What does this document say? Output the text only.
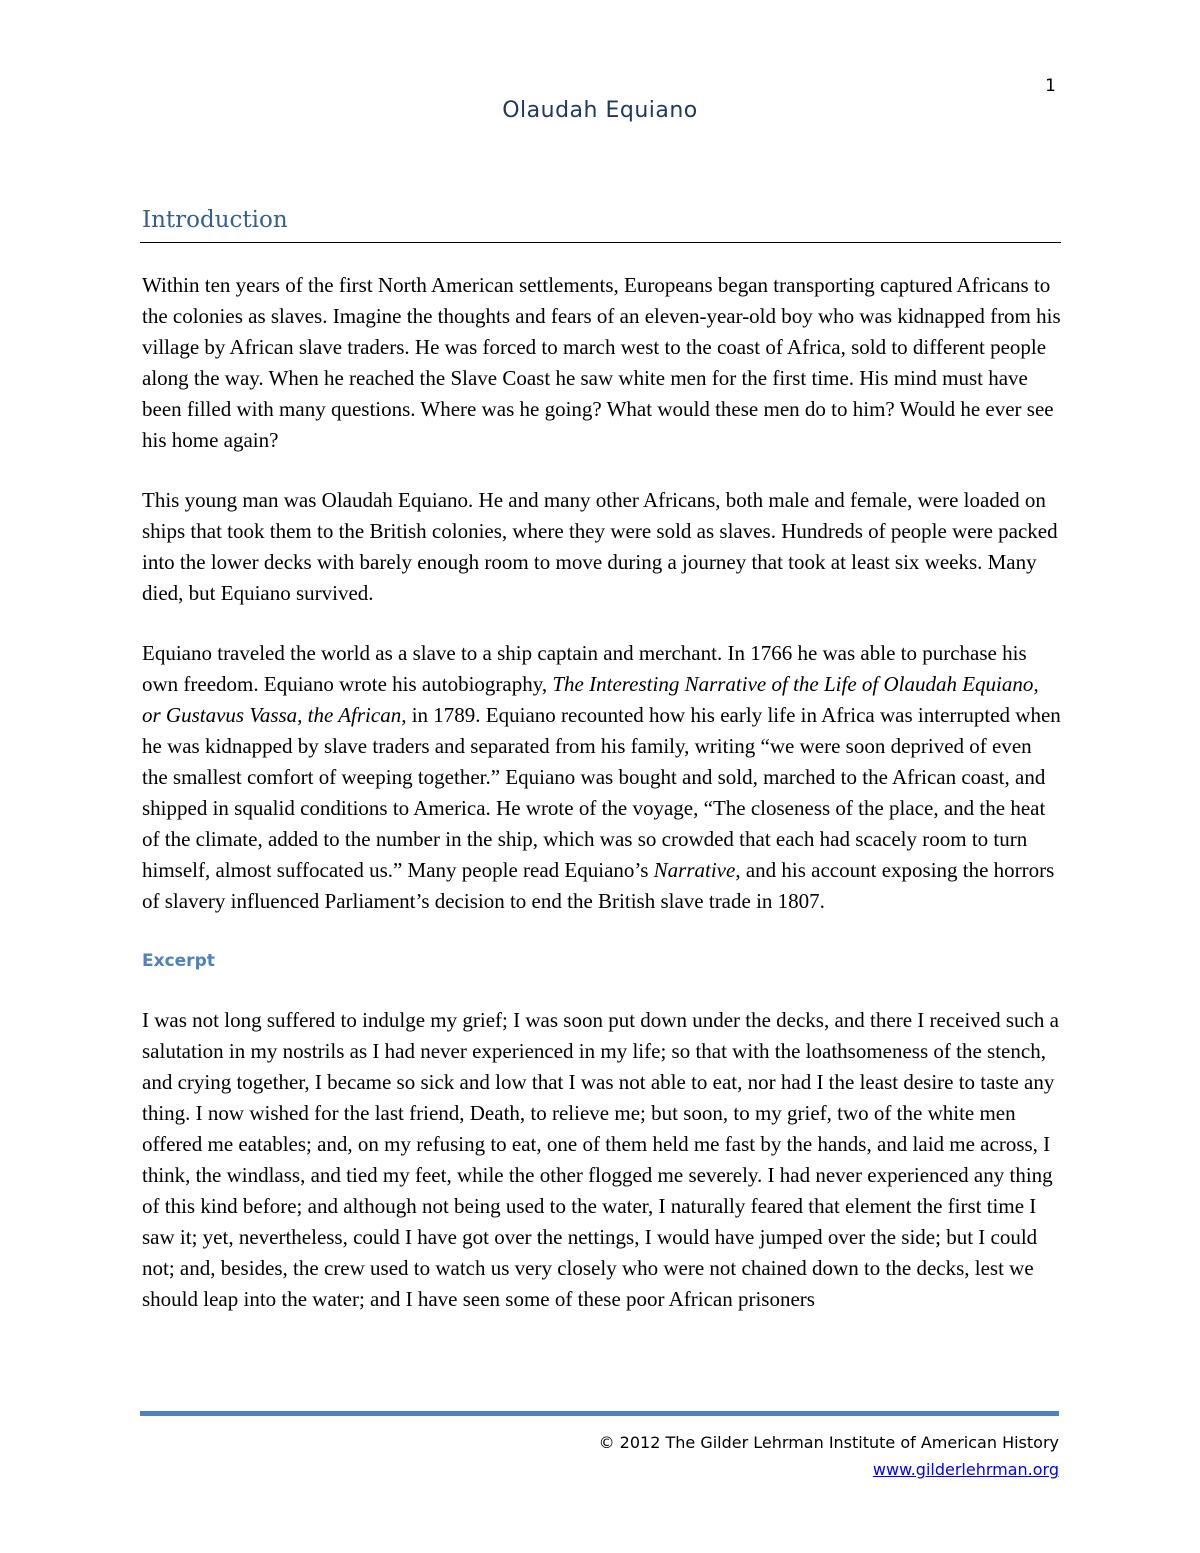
1
Olaudah Equiano
Introduction

Within ten years of the first North American settlements, Europeans began transporting captured Africans to the colonies as slaves. Imagine the thoughts and fears of an eleven-year-old boy who was kidnapped from his village by African slave traders. He was forced to march west to the coast of Africa, sold to different people along the way. When he reached the Slave Coast he saw white men for the first time. His mind must have been filled with many questions. Where was he going? What would these men do to him? Would he ever see his home again?

This young man was Olaudah Equiano. He and many other Africans, both male and female, were loaded on ships that took them to the British colonies, where they were sold as slaves. Hundreds of people were packed into the lower decks with barely enough room to move during a journey that took at least six weeks. Many died, but Equiano survived.

Equiano traveled the world as a slave to a ship captain and merchant. In 1766 he was able to purchase his own freedom. Equiano wrote his autobiography, The Interesting Narrative of the Life of Olaudah Equiano, or Gustavus Vassa, the African, in 1789. Equiano recounted how his early life in Africa was interrupted when he was kidnapped by slave traders and separated from his family, writing “we were soon deprived of even the smallest comfort of weeping together.” Equiano was bought and sold, marched to the African coast, and shipped in squalid conditions to America. He wrote of the voyage, “The closeness of the place, and the heat of the climate, added to the number in the ship, which was so crowded that each had scacely room to turn himself, almost suffocated us.” Many people read Equiano’s Narrative, and his account exposing the horrors of slavery influenced Parliament’s decision to end the British slave trade in 1807.

Excerpt

I was not long suffered to indulge my grief; I was soon put down under the decks, and there I received such a salutation in my nostrils as I had never experienced in my life; so that with the loathsomeness of the stench, and crying together, I became so sick and low that I was not able to eat, nor had I the least desire to taste any thing. I now wished for the last friend, Death, to relieve me; but soon, to my grief, two of the white men offered me eatables; and, on my refusing to eat, one of them held me fast by the hands, and laid me across, I think, the windlass, and tied my feet, while the other flogged me severely. I had never experienced any thing of this kind before; and although not being used to the water, I naturally feared that element the first time I saw it; yet, nevertheless, could I have got over the nettings, I would have jumped over the side; but I could not; and, besides, the crew used to watch us very closely who were not chained down to the decks, lest we should leap into the water; and I have seen some of these poor African prisoners

© 2012 The Gilder Lehrman Institute of American History
www.gilderlehrman.org
